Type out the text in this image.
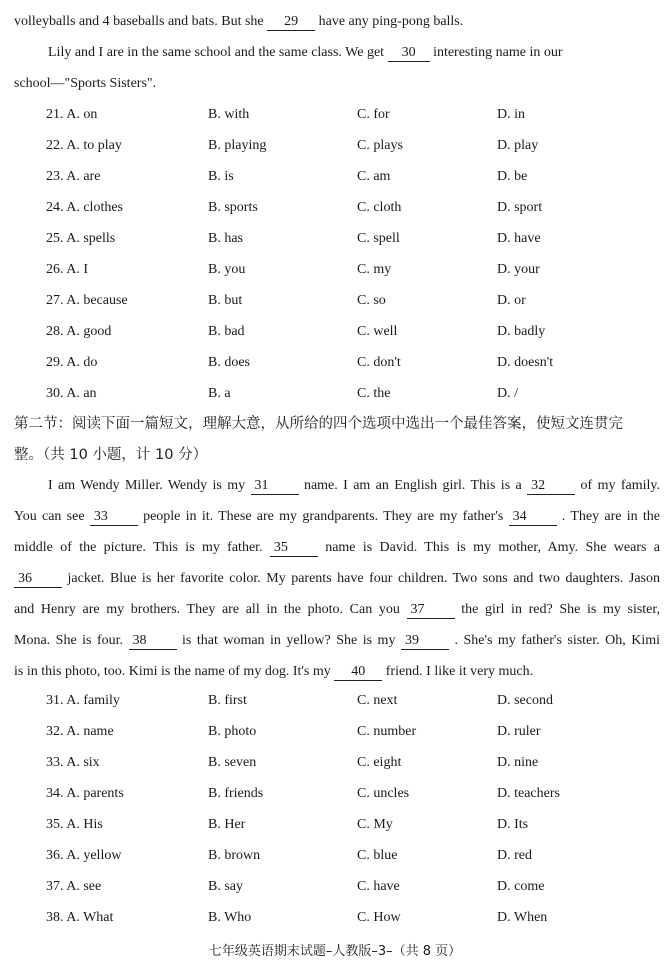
volleyballs and 4 baseballs and bats. But she 29 have any ping-pong balls.
Lily and I are in the same school and the same class. We get 30 interesting name in our
school—"Sports Sisters".
21. A. on	B. with	C. for	D. in
22. A. to play	B. playing	C. plays	D. play
23. A. are	B. is	C. am	D. be
24. A. clothes	B. sports	C. cloth	D. sport
25. A. spells	B. has	C. spell	D. have
26. A. I	B. you	C. my	D. your
27. A. because	B. but	C. so	D. or
28. A. good	B. bad	C. well	D. badly
29. A. do	B. does	C. don't	D. doesn't
30. A. an	B. a	C. the	D. /
第二节：阅读下面一篇短文，理解大意，从所给的四个选项中选出一个最佳答案，使短文连贯完
整。（共 10 小题，计 10 分）
I am Wendy Miller. Wendy is my 31	name. I am an English girl. This is a 32	of my family.
You can see 33	people in it. These are my grandparents. They are my father's 34	. They are in the
middle of the picture. This is my father. 35	name is David. This is my mother, Amy. She wears a
36	jacket. Blue is her favorite color. My parents have four children. Two sons and two daughters. Jason
and Henry are my brothers. They are all in the photo. Can you 37	the girl in red? She is my sister,
Mona. She is four. 38	is that woman in yellow? She is my 39	. She's my father's sister. Oh, Kimi
is in this photo, too. Kimi is the name of my dog. It's my 40 friend. I like it very much.
31. A. family	B. first	C. next	D. second
32. A. name	B. photo	C. number	D. ruler
33. A. six	B. seven	C. eight	D. nine
34. A. parents	B. friends	C. uncles	D. teachers
35. A. His	B. Her	C. My	D. Its
36. A. yellow	B. brown	C. blue	D. red
37. A. see	B. say	C. have	D. come
38. A. What	B. Who	C. How	D. When
七年级英语期末试题–人教版–3–（共 8 页）
